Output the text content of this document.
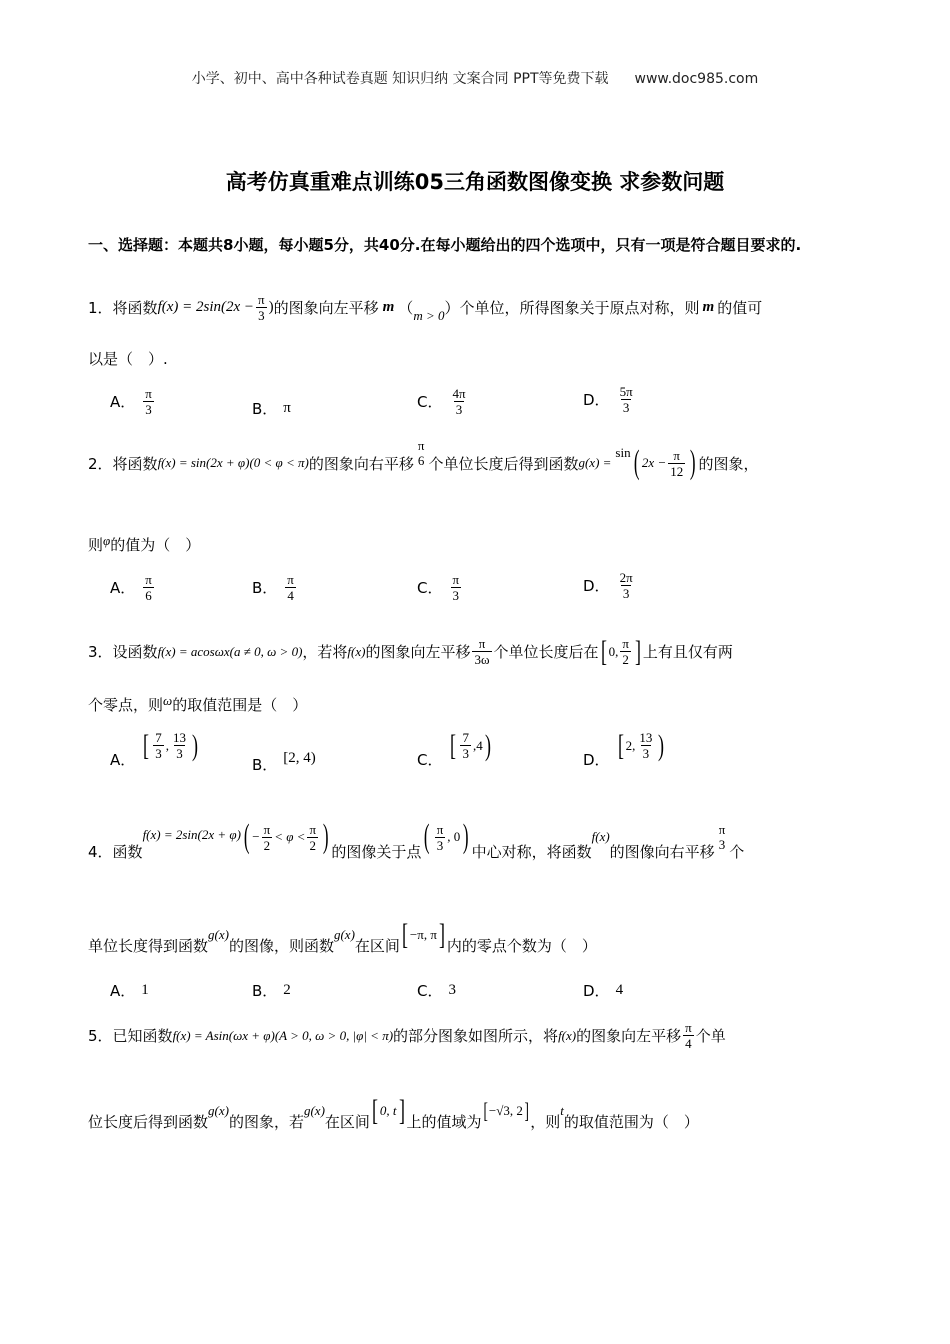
小学、初中、高中各种试卷真题 知识归纳 文案合同 PPT等免费下载 www.doc985.com
高考仿真重难点训练05三角函数图像变换 求参数问题
一、选择题：本题共8小题，每小题5分，共40分.在每小题给出的四个选项中，只有一项是符合题目要求的.
1． 将函数 $f(x) = 2\sin(2x - \frac{\pi}{3}$ ) 的图象向左平移 m （ m > 0 ） 个单位，所得图象关于原点对称，则 m 的值可
以是（　）.
A． $\frac{\pi}{3}$	B． π	C． $\frac{4\pi}{3}$	D． $\frac{5\pi}{3}$
2． 将函数 f(x) = sin(2x + φ)(0 < φ < π) 的图象向右平移
π
6 个单位长度后得到函数 g(x) =
sin ( $2x - \frac{\pi}{12}$ ) 的图象，
则 φ 的值为（　）
A． $\frac{\pi}{6}$	B． $\frac{\pi}{4}$	C． $\frac{\pi}{3}$	D． $\frac{2\pi}{3}$
3． 设函数 f(x) = acosωx(a ≠ 0, ω > 0) ，若将 f(x) 的图象向左平移 $\frac{\pi}{3\omega}$ 个单位长度后在 [ 0, $\frac{\pi}{2}$ ] 上有且仅有两
个零点，则 ω 的取值范围是（　）
A． [ $\frac{7}{3}$ , $\frac{13}{3}$ )
B． [ 2, 4 )	C． [ $\frac{7}{3}$ , 4 )	D． [ 2 , $\frac{13}{3}$ )
4． 函数
f(x) = 2sin(2x + φ) ( − $\frac{\pi}{2} < \varphi < \frac{\pi}{2}$ ) 的图像关于点 ( $\frac{\pi}{3}$ , 0 ) 中心对称，将函数
f(x)
的图像向右平移
π
3 个
单位长度得到函数
g(x)
的图像，则函数
g(x)
在区间 [ −π, π ] 内的零点个数为（　）
A． 1	B． 2	C． 3	D． 4
5． 已知函数 f(x) = Asin(ωx + φ)(A > 0, ω > 0, |φ| < π) 的部分图象如图所示，将 f(x) 的图象向左平移 $\frac{\pi}{4}$ 个单
位长度后得到函数
g(x)
的图象，若
g(x)
在区间 [ 0, t ] 上的值域为 [ −√3, 2 ] ，则
t
的取值范围为（　）
